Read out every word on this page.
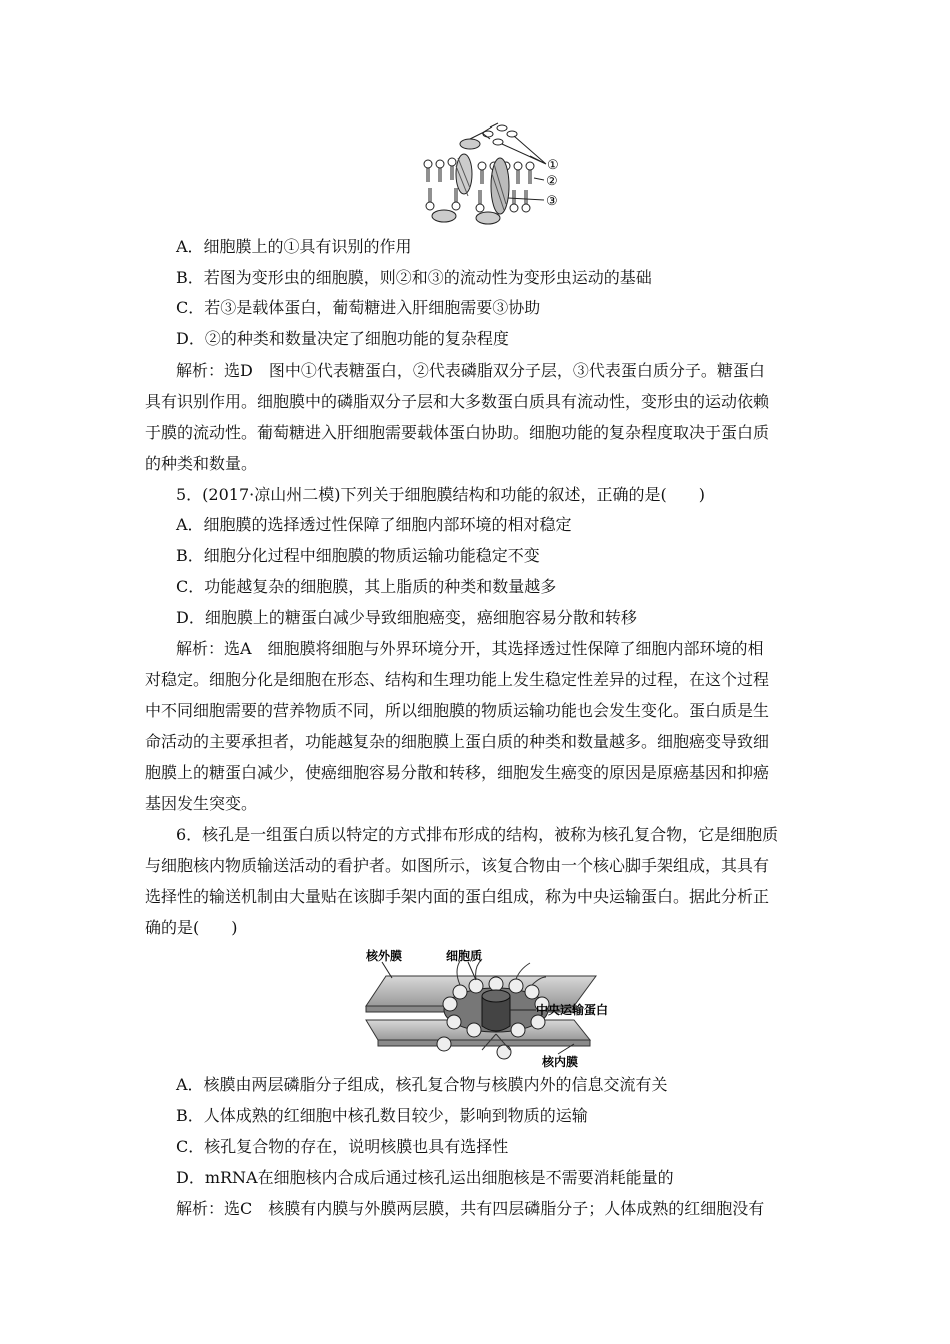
①
②
③
A．细胞膜上的①具有识别的作用
B．若图为变形虫的细胞膜，则②和③的流动性为变形虫运动的基础
C．若③是载体蛋白，葡萄糖进入肝细胞需要③协助
D．②的种类和数量决定了细胞功能的复杂程度
解析：选D　图中①代表糖蛋白，②代表磷脂双分子层，③代表蛋白质分子。糖蛋白
具有识别作用。细胞膜中的磷脂双分子层和大多数蛋白质具有流动性，变形虫的运动依赖
于膜的流动性。葡萄糖进入肝细胞需要载体蛋白协助。细胞功能的复杂程度取决于蛋白质
的种类和数量。
5．(2017·凉山州二模)下列关于细胞膜结构和功能的叙述，正确的是(　　)
A．细胞膜的选择透过性保障了细胞内部环境的相对稳定
B．细胞分化过程中细胞膜的物质运输功能稳定不变
C．功能越复杂的细胞膜，其上脂质的种类和数量越多
D．细胞膜上的糖蛋白减少导致细胞癌变，癌细胞容易分散和转移
解析：选A　细胞膜将细胞与外界环境分开，其选择透过性保障了细胞内部环境的相
对稳定。细胞分化是细胞在形态、结构和生理功能上发生稳定性差异的过程，在这个过程
中不同细胞需要的营养物质不同，所以细胞膜的物质运输功能也会发生变化。蛋白质是生
命活动的主要承担者，功能越复杂的细胞膜上蛋白质的种类和数量越多。细胞癌变导致细
胞膜上的糖蛋白减少，使癌细胞容易分散和转移，细胞发生癌变的原因是原癌基因和抑癌
基因发生突变。
6．核孔是一组蛋白质以特定的方式排布形成的结构，被称为核孔复合物，它是细胞质
与细胞核内物质输送活动的看护者。如图所示，该复合物由一个核心脚手架组成，其具有
选择性的输送机制由大量贴在该脚手架内面的蛋白组成，称为中央运输蛋白。据此分析正
确的是(　　)
核外膜	细胞质
中央运输蛋白
核内膜
A．核膜由两层磷脂分子组成，核孔复合物与核膜内外的信息交流有关
B．人体成熟的红细胞中核孔数目较少，影响到物质的运输
C．核孔复合物的存在，说明核膜也具有选择性
D．mRNA在细胞核内合成后通过核孔运出细胞核是不需要消耗能量的
解析：选C　核膜有内膜与外膜两层膜，共有四层磷脂分子；人体成熟的红细胞没有
